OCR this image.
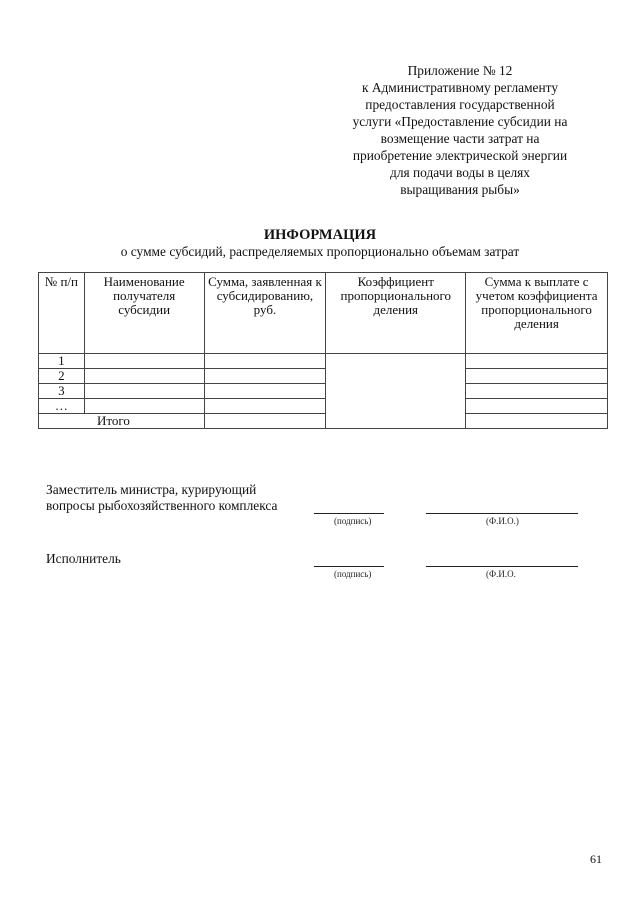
Приложение № 12
к Административному регламенту
предоставления государственной
услуги «Предоставление субсидии на
возмещение части затрат на
приобретение электрической энергии
для подачи воды в целях
выращивания рыбы»
ИНФОРМАЦИЯ
о сумме субсидий, распределяемых пропорционально объемам затрат
№ п/п	Наименование получателя субсидии	Сумма, заявленная к субсидированию, руб.	Коэффициент пропорционального деления	Сумма к выплате с учетом коэффициента пропорционального деления
1				
2				
3				
…				
Итого				
Заместитель министра, курирующий
вопросы рыбохозяйственного комплекса
(подпись)	(Ф.И.О.)
Исполнитель
(подпись)	(Ф.И.О.
61
